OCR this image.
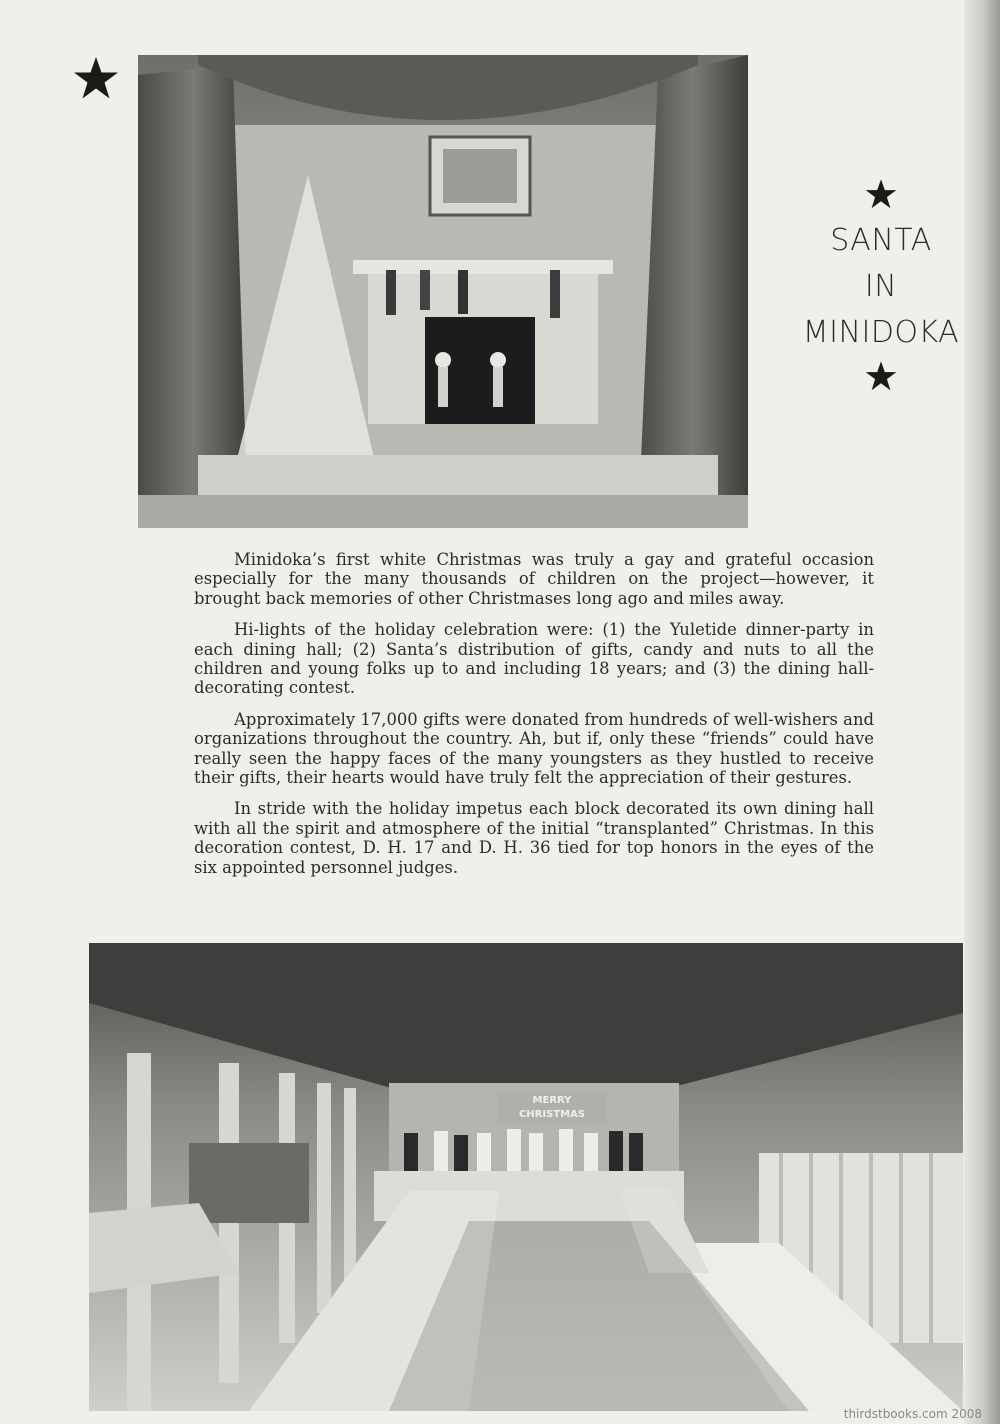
SANTA
IN
MINIDOKA

Minidoka’s first white Christmas was truly a gay and grateful occasion especially for the many thousands of children on the project—however, it brought back memories of other Christmases long ago and miles away.

Hi-lights of the holiday celebration were: (1) the Yuletide dinner-party in each dining hall; (2) Santa’s distribution of gifts, candy and nuts to all the children and young folks up to and including 18 years; and (3) the dining hall-decorating contest.

Approximately 17,000 gifts were donated from hundreds of well-wishers and organizations throughout the country. Ah, but if, only these “friends” could have really seen the happy faces of the many youngsters as they hustled to receive their gifts, their hearts would have truly felt the appreciation of their gestures.

In stride with the holiday impetus each block decorated its own dining hall with all the spirit and atmosphere of the initial “transplanted” Christmas. In this decoration contest, D. H. 17 and D. H. 36 tied for top honors in the eyes of the six appointed personnel judges.

MERRY
CHRISTMAS
thirdstbooks.com 2008
